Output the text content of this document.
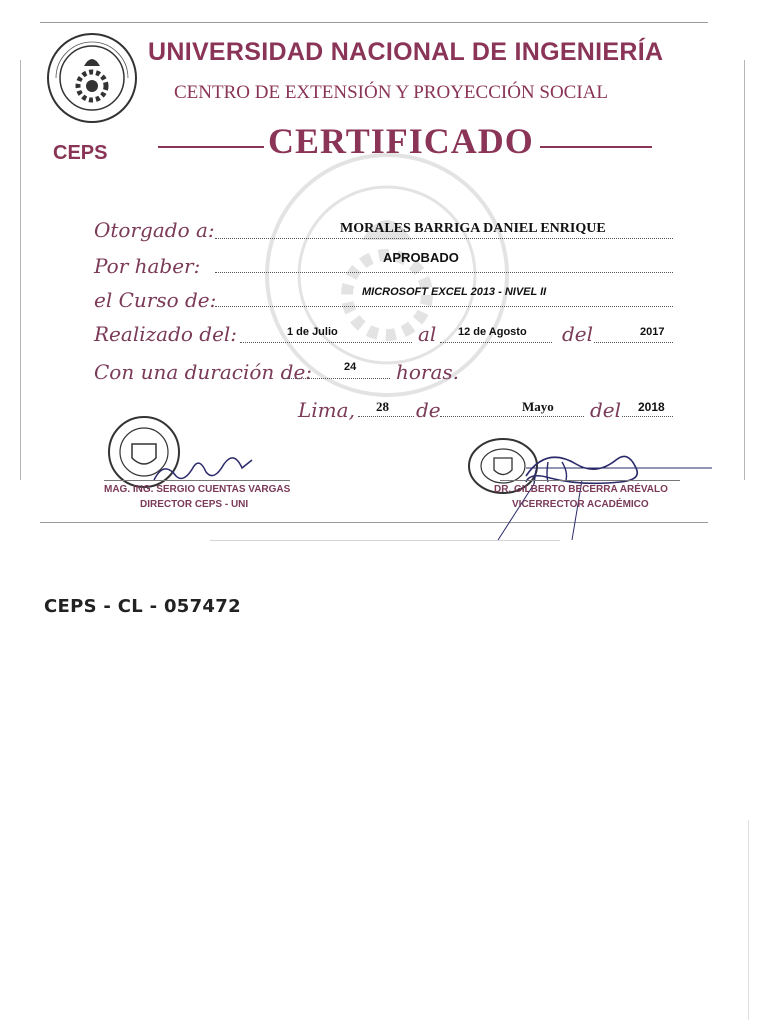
UNIVERSIDAD NACIONAL DE INGENIERÍA
CENTRO DE EXTENSIÓN Y PROYECCIÓN SOCIAL
CERTIFICADO
CEPS
Otorgado a:	MORALES BARRIGA DANIEL ENRIQUE
Por haber:	APROBADO
el Curso de:	MICROSOFT EXCEL 2013 - NIVEL II
Realizado del:	1 de Julio	al 12 de Agosto del	2017
Con una duración de:	24 horas.
Lima, 28 de	Mayo del 2018
MAG. ING. SERGIO CUENTAS VARGAS
DIRECTOR CEPS - UNI
DR. GILBERTO BECERRA ARÉVALO
VICERRECTOR ACADÉMICO
CEPS - CL - 057472
